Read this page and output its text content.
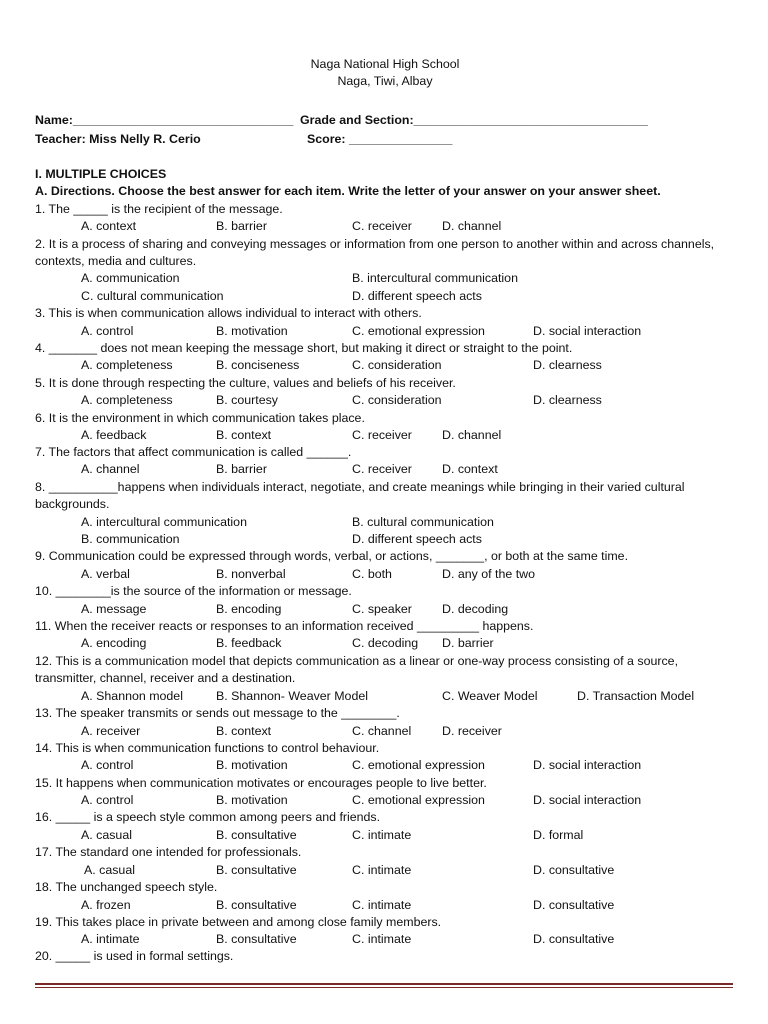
Naga National High School
Naga, Tiwi, Albay
Name:________________________________ Grade and Section:__________________________________
Teacher: Miss Nelly R. Cerio	Score: _______________
I. MULTIPLE CHOICES
A. Directions. Choose the best answer for each item. Write the letter of your answer on your answer sheet.
1. The _____ is the recipient of the message.
A. context	B. barrier	C. receiver D. channel
2. It is a process of sharing and conveying messages or information from one person to another within and across channels, contexts, media and cultures.
A. communication	B. intercultural communication
C. cultural communication	D. different speech acts
3. This is when communication allows individual to interact with others.
A. control	B. motivation	C. emotional expression	D. social interaction
4. _______ does not mean keeping the message short, but making it direct or straight to the point.
A. completeness	B. conciseness	C. consideration	D. clearness
5. It is done through respecting the culture, values and beliefs of his receiver.
A. completeness	B. courtesy	C. consideration	D. clearness
6. It is the environment in which communication takes place.
A. feedback	B. context	C. receiver D. channel
7. The factors that affect communication is called ______.
A. channel	B. barrier	C. receiver D. context
8. __________happens when individuals interact, negotiate, and create meanings while bringing in their varied cultural backgrounds.
A. intercultural communication	B. cultural communication
B. communication	D. different speech acts
9. Communication could be expressed through words, verbal, or actions, _______, or both at the same time.
A. verbal	B. nonverbal	C. both	D. any of the two
10. ________is the source of the information or message.
A. message	B. encoding	C. speaker D. decoding
11. When the receiver reacts or responses to an information received _________ happens.
A. encoding	B. feedback	C. decoding D. barrier
12. This is a communication model that depicts communication as a linear or one-way process consisting of a source, transmitter, channel, receiver and a destination.
A. Shannon model	B. Shannon- Weaver Model	C. Weaver Model	D. Transaction Model
13. The speaker transmits or sends out message to the ________.
A. receiver	B. context	C. channel D. receiver
14. This is when communication functions to control behaviour.
A. control	B. motivation	C. emotional expression	D. social interaction
15. It happens when communication motivates or encourages people to live better.
A. control	B. motivation	C. emotional expression	D. social interaction
16. _____ is a speech style common among peers and friends.
A. casual	B. consultative	C. intimate	D. formal
17. The standard one intended for professionals.
A. casual	B. consultative	C. intimate	D. consultative
18. The unchanged speech style.
A. frozen	B. consultative	C. intimate	D. consultative
19. This takes place in private between and among close family members.
A. intimate	B. consultative	C. intimate	D. consultative
20. _____ is used in formal settings.
